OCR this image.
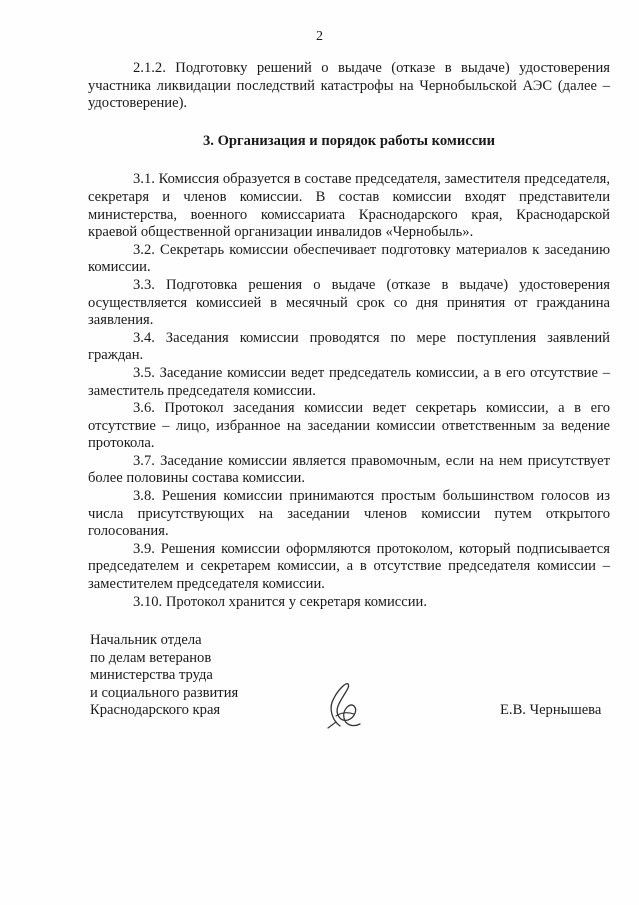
2

2.1.2. Подготовку решений о выдаче (отказе в выдаче) удостоверения участника ликвидации последствий катастрофы на Чернобыльской АЭС (далее – удостоверение).

3. Организация и порядок работы комиссии

3.1. Комиссия образуется в составе председателя, заместителя председателя, секретаря и членов комиссии. В состав комиссии входят представители министерства, военного комиссариата Краснодарского края, Краснодарской краевой общественной организации инвалидов «Чернобыль».

3.2. Секретарь комиссии обеспечивает подготовку материалов к заседанию комиссии.

3.3. Подготовка решения о выдаче (отказе в выдаче) удостоверения осуществляется комиссией в месячный срок со дня принятия от гражданина заявления.

3.4. Заседания комиссии проводятся по мере поступления заявлений граждан.

3.5. Заседание комиссии ведет председатель комиссии, а в его отсутствие – заместитель председателя комиссии.

3.6. Протокол заседания комиссии ведет секретарь комиссии, а в его отсутствие – лицо, избранное на заседании комиссии ответственным за ведение протокола.

3.7. Заседание комиссии является правомочным, если на нем присутствует более половины состава комиссии.

3.8. Решения комиссии принимаются простым большинством голосов из числа присутствующих на заседании членов комиссии путем открытого голосования.

3.9. Решения комиссии оформляются протоколом, который подписывается председателем и секретарем комиссии, а в отсутствие председателя комиссии – заместителем председателя комиссии.

3.10. Протокол хранится у секретаря комиссии.

Начальник отдела
по делам ветеранов
министерства труда
и социального развития
Краснодарского края	Е.В. Чернышева
